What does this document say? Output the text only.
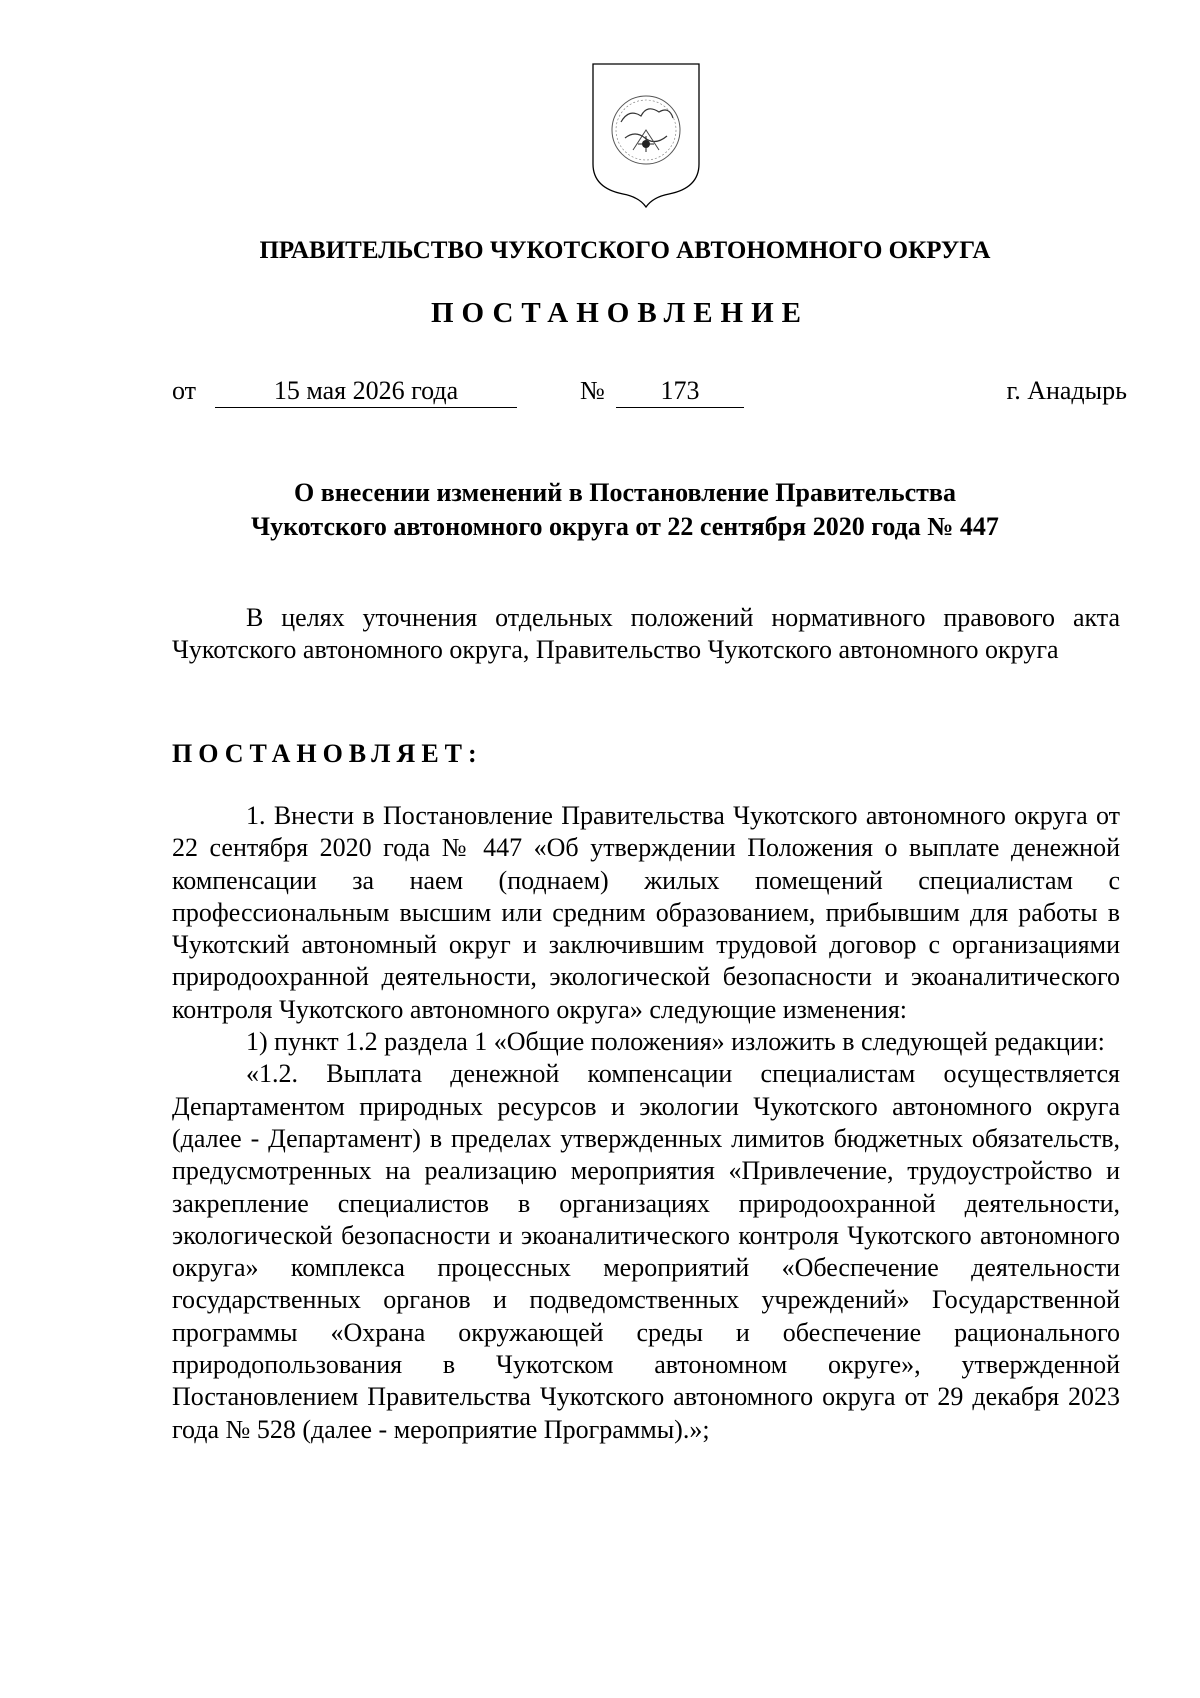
ПРАВИТЕЛЬСТВО ЧУКОТСКОГО АВТОНОМНОГО ОКРУГА
ПОСТАНОВЛЕНИЕ
от	15 мая 2026 года	№	173	г. Анадырь
О внесении изменений в Постановление Правительства
Чукотского автономного округа от 22 сентября 2020 года № 447

В целях уточнения отдельных положений нормативного правового акта Чукотского автономного округа, Правительство Чукотского автономного округа

ПОСТАНОВЛЯЕТ:

1. Внести в Постановление Правительства Чукотского автономного округа от 22 сентября 2020 года № 447 «Об утверждении Положения о выплате денежной компенсации за наем (поднаем) жилых помещений специалистам с профессиональным высшим или средним образованием, прибывшим для работы в Чукотский автономный округ и заключившим трудовой договор с организациями природоохранной деятельности, экологической безопасности и экоаналитического контроля Чукотского автономного округа» следующие изменения:

1) пункт 1.2 раздела 1 «Общие положения» изложить в следующей редакции:

«1.2. Выплата денежной компенсации специалистам осуществляется Департаментом природных ресурсов и экологии Чукотского автономного округа (далее - Департамент) в пределах утвержденных лимитов бюджетных обязательств, предусмотренных на реализацию мероприятия «Привлечение, трудоустройство и закрепление специалистов в организациях природоохранной деятельности, экологической безопасности и экоаналитического контроля Чукотского автономного округа» комплекса процессных мероприятий «Обеспечение деятельности государственных органов и подведомственных учреждений» Государственной программы «Охрана окружающей среды и обеспечение рационального природопользования в Чукотском автономном округе», утвержденной Постановлением Правительства Чукотского автономного округа от 29 декабря 2023 года № 528 (далее - мероприятие Программы).»;
